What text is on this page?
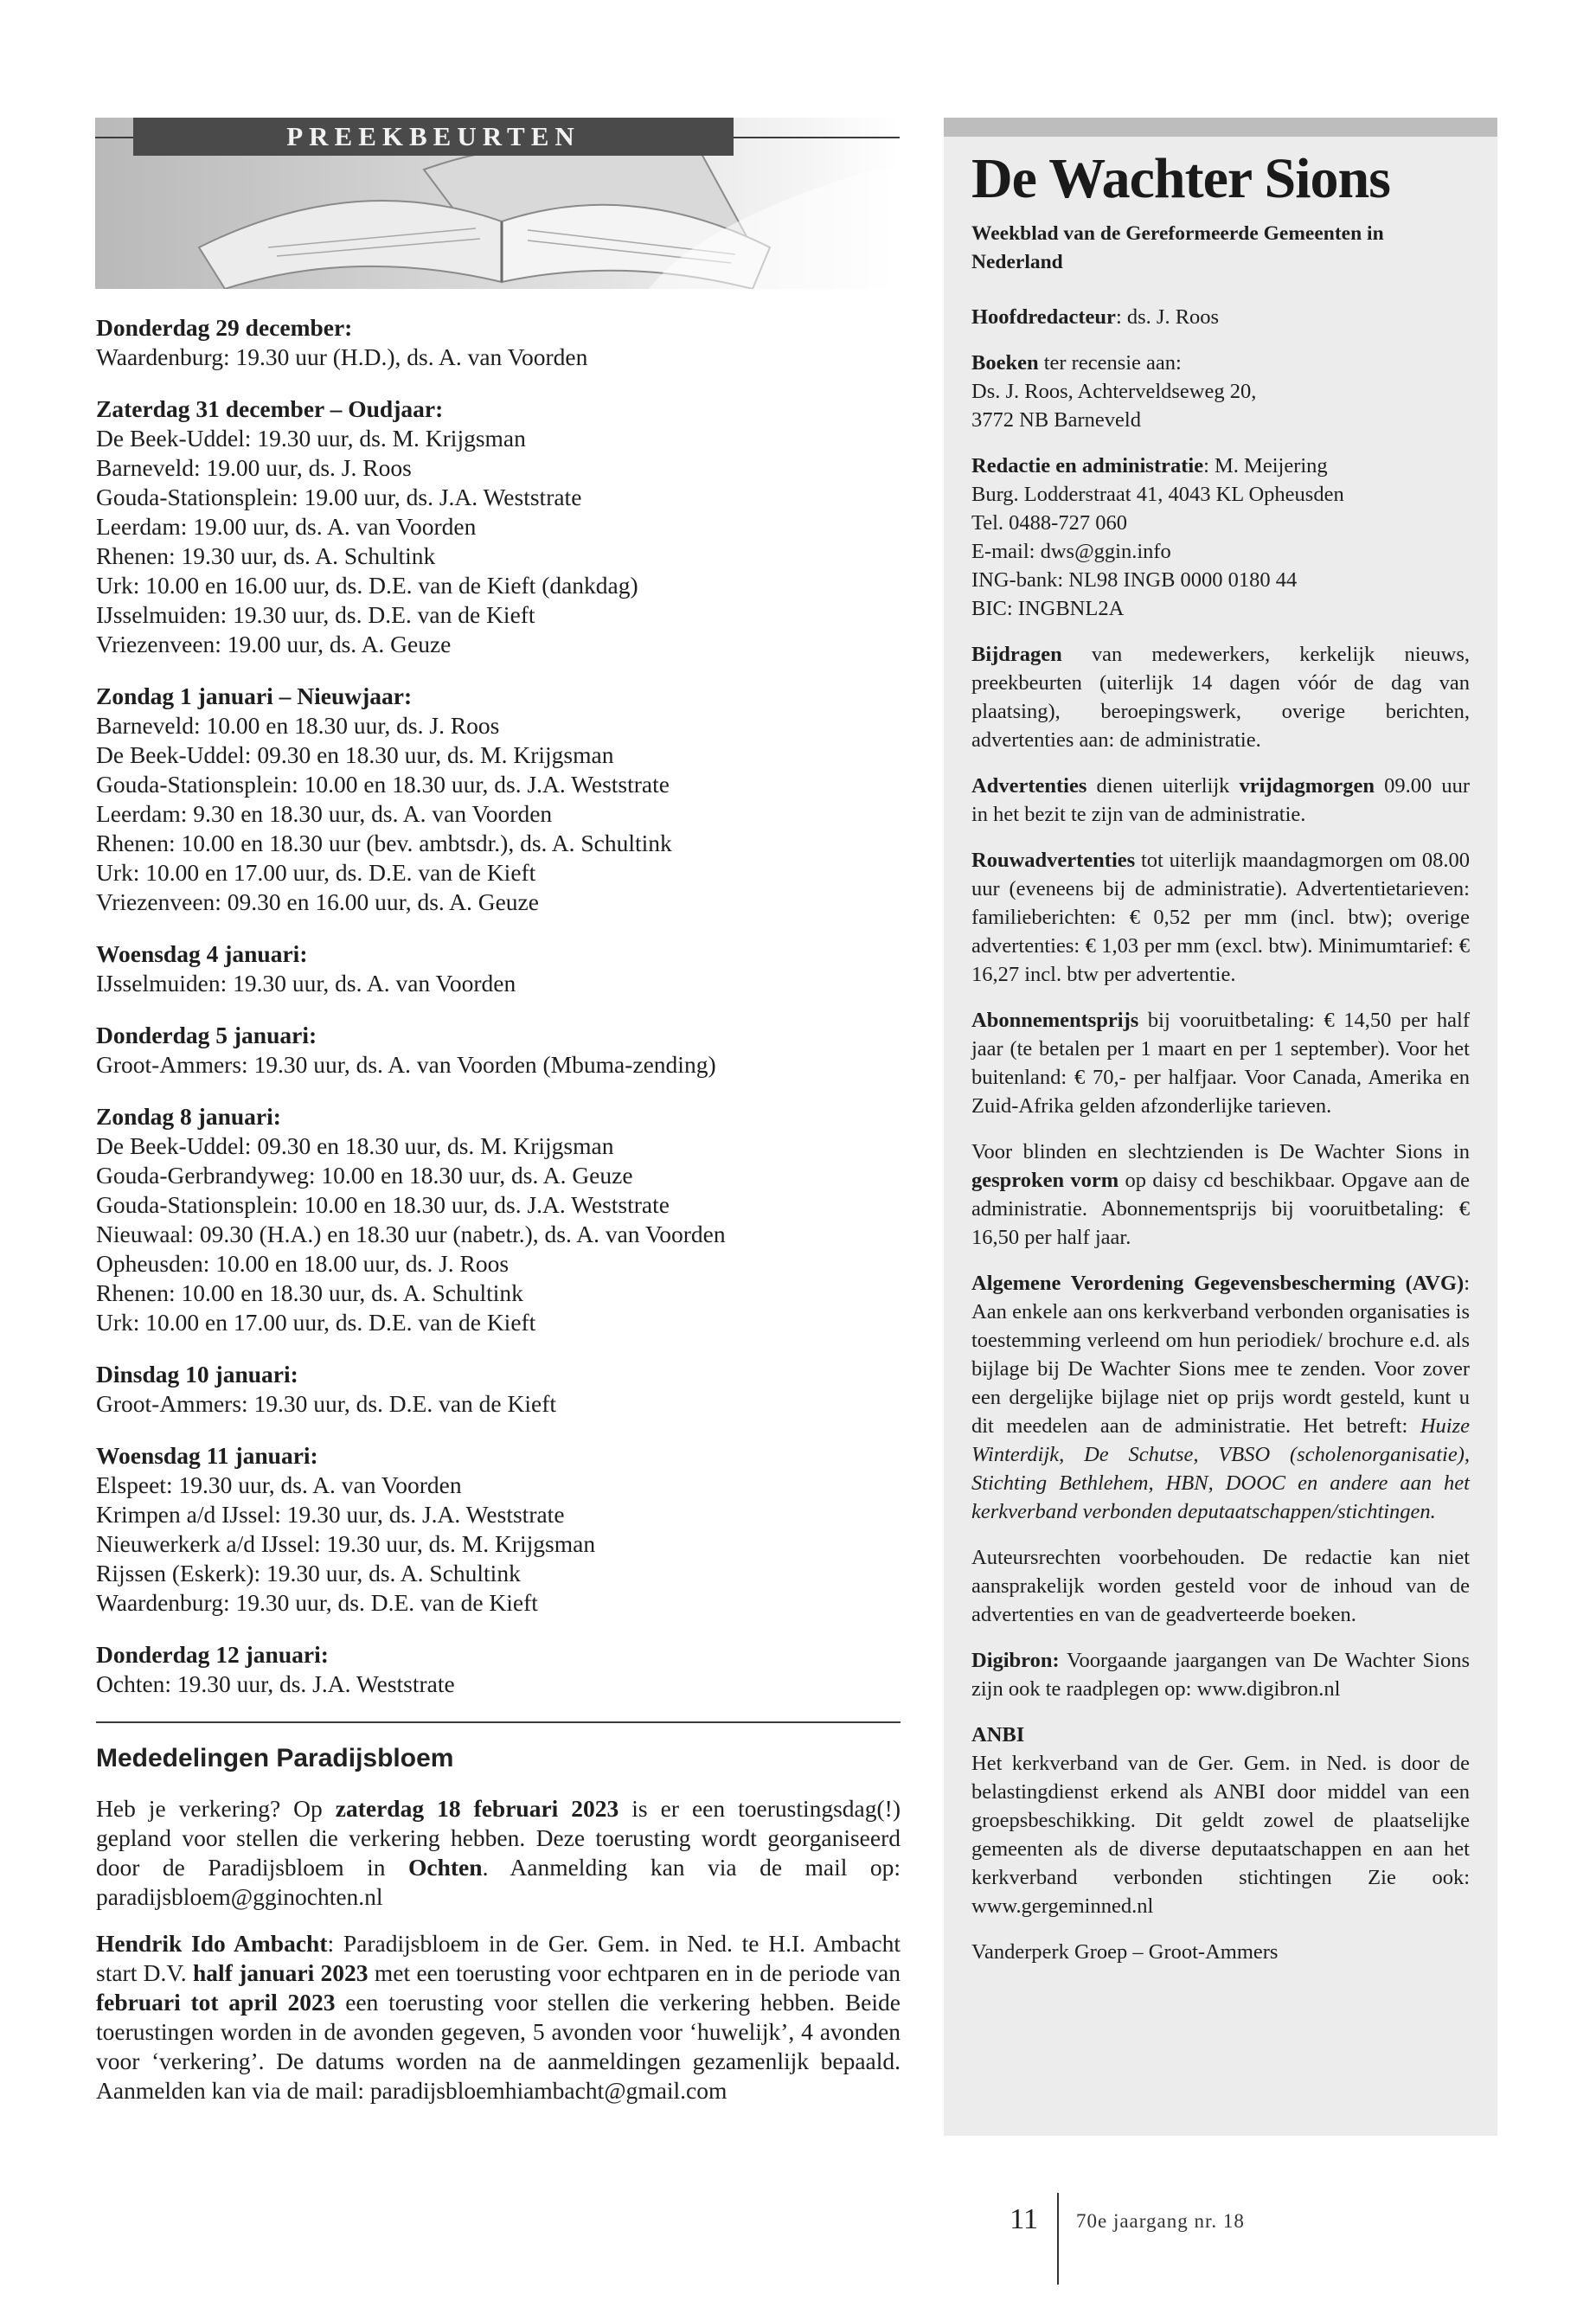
PREEKBEURTEN
Donderdag 29 december:
Waardenburg: 19.30 uur (H.D.), ds. A. van Voorden
Zaterdag 31 december – Oudjaar:
De Beek-Uddel: 19.30 uur, ds. M. Krijgsman
Barneveld: 19.00 uur, ds. J. Roos
Gouda-Stationsplein: 19.00 uur, ds. J.A. Weststrate
Leerdam: 19.00 uur, ds. A. van Voorden
Rhenen: 19.30 uur, ds. A. Schultink
Urk: 10.00 en 16.00 uur, ds. D.E. van de Kieft (dankdag)
IJsselmuiden: 19.30 uur, ds. D.E. van de Kieft
Vriezenveen: 19.00 uur, ds. A. Geuze
Zondag 1 januari – Nieuwjaar:
Barneveld: 10.00 en 18.30 uur, ds. J. Roos
De Beek-Uddel: 09.30 en 18.30 uur, ds. M. Krijgsman
Gouda-Stationsplein: 10.00 en 18.30 uur, ds. J.A. Weststrate
Leerdam: 9.30 en 18.30 uur, ds. A. van Voorden
Rhenen: 10.00 en 18.30 uur (bev. ambtsdr.), ds. A. Schultink
Urk: 10.00 en 17.00 uur, ds. D.E. van de Kieft
Vriezenveen: 09.30 en 16.00 uur, ds. A. Geuze
Woensdag 4 januari:
IJsselmuiden: 19.30 uur, ds. A. van Voorden
Donderdag 5 januari:
Groot-Ammers: 19.30 uur, ds. A. van Voorden (Mbuma-zending)
Zondag 8 januari:
De Beek-Uddel: 09.30 en 18.30 uur, ds. M. Krijgsman
Gouda-Gerbrandyweg: 10.00 en 18.30 uur, ds. A. Geuze
Gouda-Stationsplein: 10.00 en 18.30 uur, ds. J.A. Weststrate
Nieuwaal: 09.30 (H.A.) en 18.30 uur (nabetr.), ds. A. van Voorden
Opheusden: 10.00 en 18.00 uur, ds. J. Roos
Rhenen: 10.00 en 18.30 uur, ds. A. Schultink
Urk: 10.00 en 17.00 uur, ds. D.E. van de Kieft
Dinsdag 10 januari:
Groot-Ammers: 19.30 uur, ds. D.E. van de Kieft
Woensdag 11 januari:
Elspeet: 19.30 uur, ds. A. van Voorden
Krimpen a/d IJssel: 19.30 uur, ds. J.A. Weststrate
Nieuwerkerk a/d IJssel: 19.30 uur, ds. M. Krijgsman
Rijssen (Eskerk): 19.30 uur, ds. A. Schultink
Waardenburg: 19.30 uur, ds. D.E. van de Kieft
Donderdag 12 januari:
Ochten: 19.30 uur, ds. J.A. Weststrate
Mededelingen Paradijsbloem
Heb je verkering? Op zaterdag 18 februari 2023 is er een toerustingsdag(!) gepland voor stellen die verkering hebben. Deze toerusting wordt georganiseerd door de Paradijsbloem in Ochten. Aanmelding kan via de mail op: paradijsbloem@gginochten.nl
Hendrik Ido Ambacht: Paradijsbloem in de Ger. Gem. in Ned. te H.I. Ambacht start D.V. half januari 2023 met een toerusting voor echtparen en in de periode van februari tot april 2023 een toerusting voor stellen die verkering hebben. Beide toerustingen worden in de avonden gegeven, 5 avonden voor ‘huwelijk’, 4 avonden voor ‘verkering’. De datums worden na de aanmeldingen gezamenlijk bepaald. Aanmelden kan via de mail: paradijsbloemhiambacht@gmail.com
De Wachter Sions
Weekblad van de Gereformeerde Gemeenten in Nederland
Hoofdredacteur: ds. J. Roos
Boeken ter recensie aan:
Ds. J. Roos, Achterveldseweg 20,
3772 NB Barneveld
Redactie en administratie: M. Meijering
Burg. Lodderstraat 41, 4043 KL Opheusden
Tel. 0488-727 060
E-mail: dws@ggin.info
ING-bank: NL98 INGB 0000 0180 44
BIC: INGBNL2A
Bijdragen van medewerkers, kerkelijk nieuws, preekbeurten (uiterlijk 14 dagen vóór de dag van plaatsing), beroepingswerk, overige berichten, advertenties aan: de administratie.
Advertenties dienen uiterlijk vrijdagmorgen 09.00 uur in het bezit te zijn van de administratie.
Rouwadvertenties tot uiterlijk maandagmorgen om 08.00 uur (eveneens bij de administratie). Advertentietarieven: familieberichten: € 0,52 per mm (incl. btw); overige advertenties: € 1,03 per mm (excl. btw). Minimumtarief: € 16,27 incl. btw per advertentie.
Abonnementsprijs bij vooruitbetaling: € 14,50 per half jaar (te betalen per 1 maart en per 1 september). Voor het buitenland: € 70,- per halfjaar. Voor Canada, Amerika en Zuid-Afrika gelden afzonderlijke tarieven.
Voor blinden en slechtzienden is De Wachter Sions in gesproken vorm op daisy cd beschikbaar. Opgave aan de administratie. Abonnementsprijs bij vooruitbetaling: € 16,50 per half jaar.
Algemene Verordening Gegevensbescherming (AVG): Aan enkele aan ons kerkverband verbonden organisaties is toestemming verleend om hun periodiek/ brochure e.d. als bijlage bij De Wachter Sions mee te zenden. Voor zover een dergelijke bijlage niet op prijs wordt gesteld, kunt u dit meedelen aan de administratie. Het betreft: Huize Winterdijk, De Schutse, VBSO (scholenorganisatie), Stichting Bethlehem, HBN, DOOC en andere aan het kerkverband verbonden deputaatschappen/stichtingen.
Auteursrechten voorbehouden. De redactie kan niet aansprakelijk worden gesteld voor de inhoud van de advertenties en van de geadverteerde boeken.
Digibron: Voorgaande jaargangen van De Wachter Sions zijn ook te raadplegen op: www.digibron.nl
ANBI
Het kerkverband van de Ger. Gem. in Ned. is door de belastingdienst erkend als ANBI door middel van een groepsbeschikking. Dit geldt zowel de plaatselijke gemeenten als de diverse deputaatschappen en aan het kerkverband verbonden stichtingen Zie ook: www.gergeminned.nl
Vanderperk Groep – Groot-Ammers
11 70e jaargang nr. 18
